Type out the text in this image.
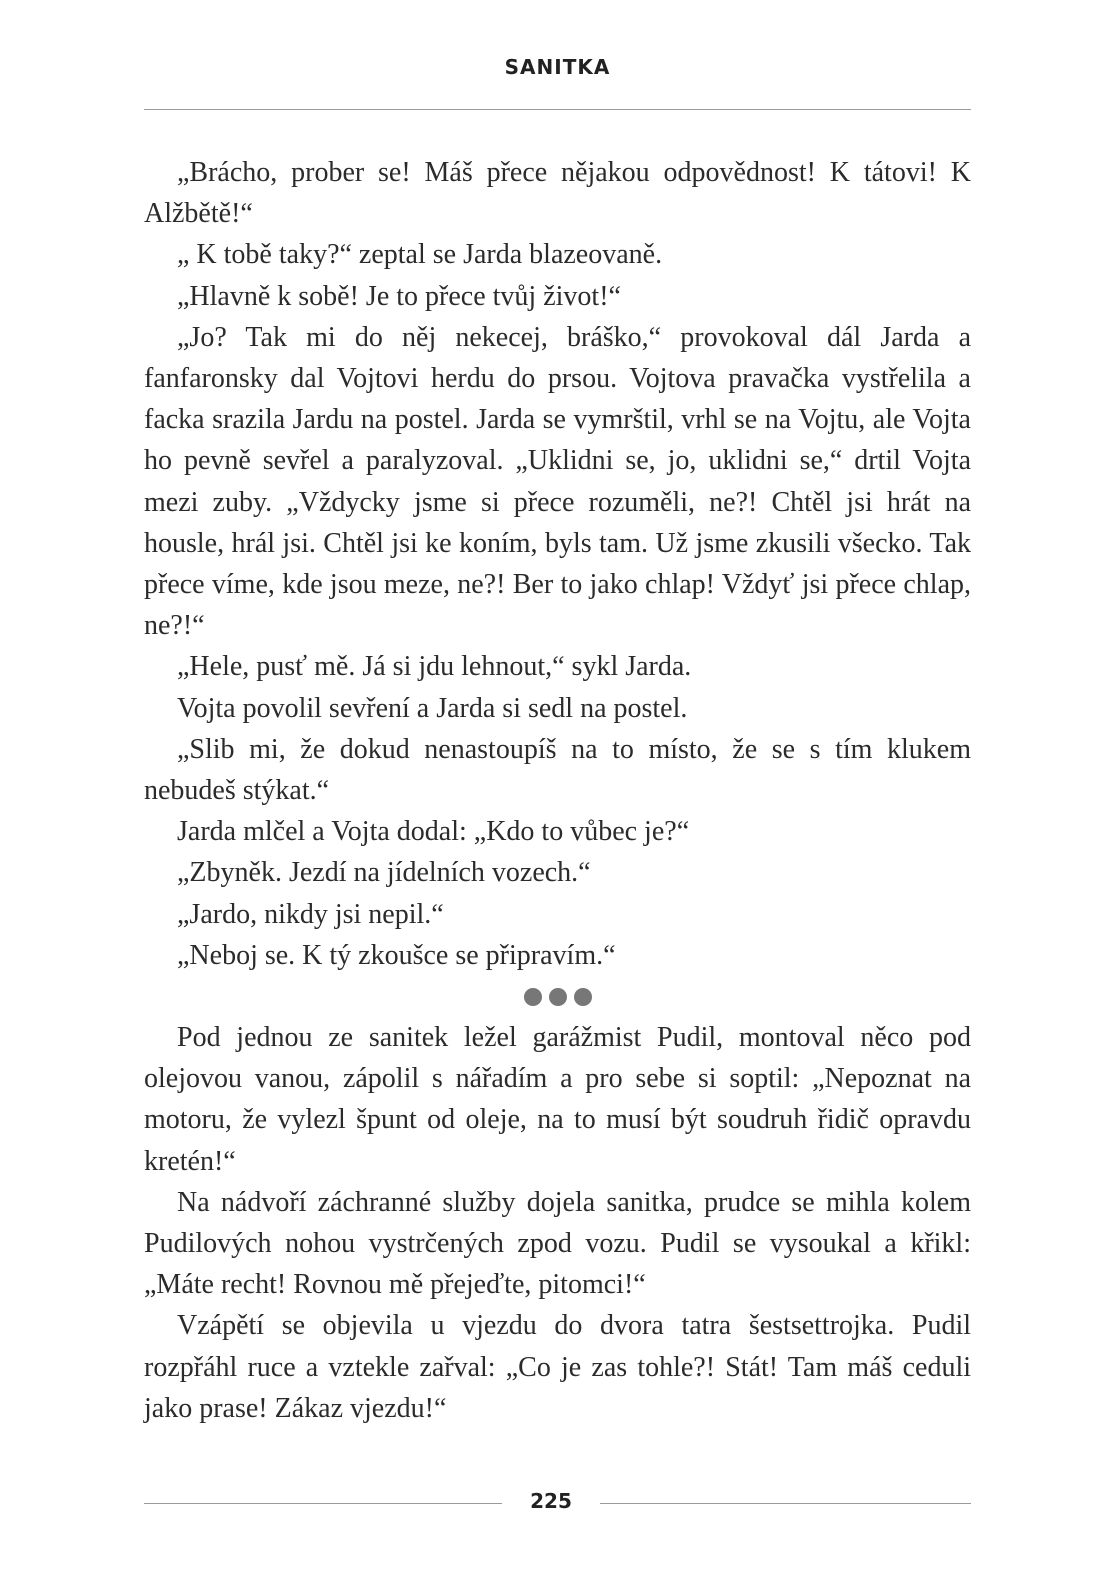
SANITKA

„Brácho, prober se! Máš přece nějakou odpovědnost! K tátovi! K Alžbětě!“

„ K tobě taky?“ zeptal se Jarda blazeovaně.

„Hlavně k sobě! Je to přece tvůj život!“

„Jo? Tak mi do něj nekecej, bráško,“ provokoval dál Jarda a fanfaronsky dal Vojtovi herdu do prsou. Vojtova pravačka vystřelila a facka srazila Jardu na postel. Jarda se vymrštil, vrhl se na Vojtu, ale Vojta ho pevně sevřel a paralyzoval. „Uklidni se, jo, uklidni se,“ drtil Vojta mezi zuby. „Vždycky jsme si přece rozuměli, ne?! Chtěl jsi hrát na housle, hrál jsi. Chtěl jsi ke koním, byls tam. Už jsme zkusili všecko. Tak přece víme, kde jsou meze, ne?! Ber to jako chlap! Vždyť jsi přece chlap, ne?!“

„Hele, pusť mě. Já si jdu lehnout,“ sykl Jarda.

Vojta povolil sevření a Jarda si sedl na postel.

„Slib mi, že dokud nenastoupíš na to místo, že se s tím klukem nebudeš stýkat.“

Jarda mlčel a Vojta dodal: „Kdo to vůbec je?“

„Zbyněk. Jezdí na jídelních vozech.“

„Jardo, nikdy jsi nepil.“

„Neboj se. K tý zkoušce se připravím.“

Pod jednou ze sanitek ležel garážmist Pudil, montoval něco pod olejovou vanou, zápolil s nářadím a pro sebe si soptil: „Nepoznat na motoru, že vylezl špunt od oleje, na to musí být soudruh řidič opravdu kretén!“

Na nádvoří záchranné služby dojela sanitka, prudce se mihla kolem Pudilových nohou vystrčených zpod vozu. Pudil se vysoukal a křikl: „Máte recht! Rovnou mě přejeďte, pitomci!“

Vzápětí se objevila u vjezdu do dvora tatra šestsettrojka. Pudil rozpřáhl ruce a vztekle zařval: „Co je zas tohle?! Stát! Tam máš ceduli jako prase! Zákaz vjezdu!“

225
